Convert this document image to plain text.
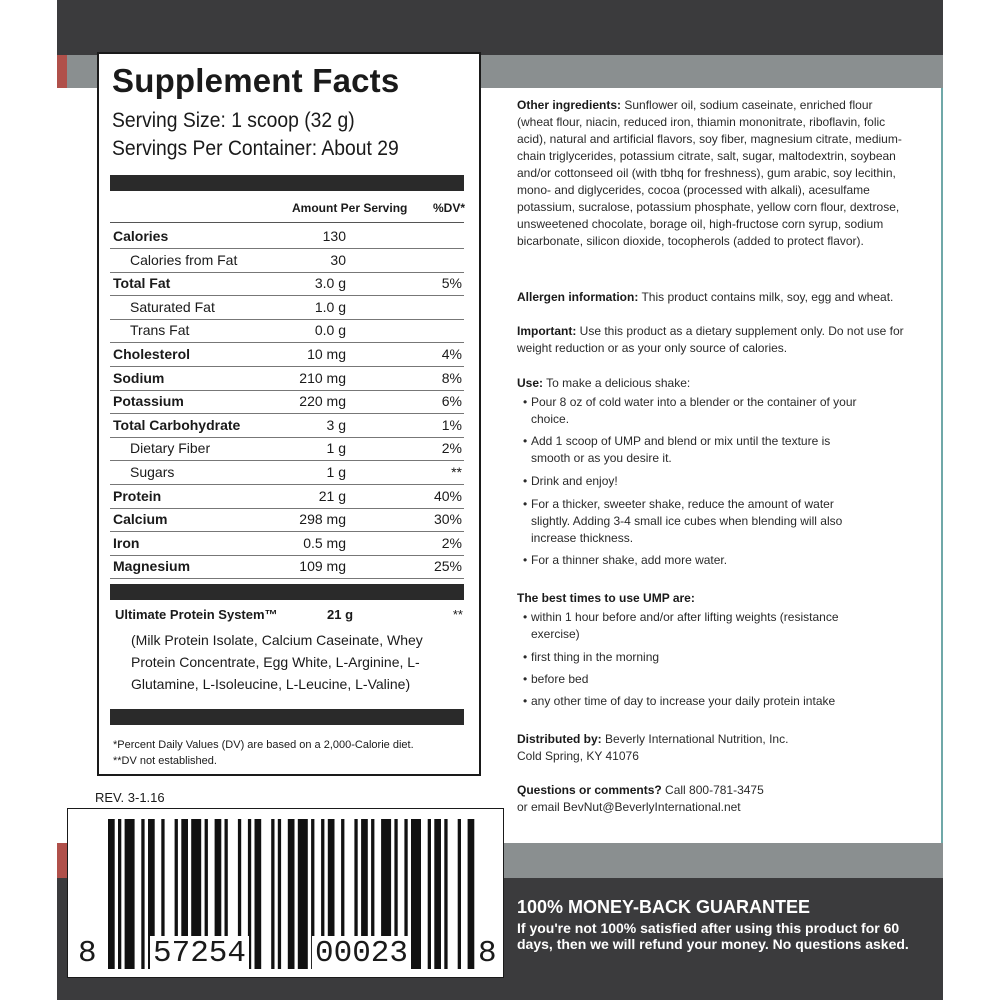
Supplement Facts
Serving Size: 1 scoop (32 g)
Servings Per Container: About 29
Amount Per Serving %DV*
Calories	130
Calories from Fat	30
Total Fat	3.0 g	5%
Saturated Fat	1.0 g
Trans Fat	0.0 g
Cholesterol	10 mg	4%
Sodium	210 mg	8%
Potassium	220 mg	6%
Total Carbohydrate	3 g	1%
Dietary Fiber	1 g	2%
Sugars	1 g	**
Protein	21 g	40%
Calcium	298 mg	30%
Iron	0.5 mg	2%
Magnesium	109 mg	25%
Ultimate Protein System™	21 g	**
(Milk Protein Isolate, Calcium Caseinate, Whey Protein Concentrate, Egg White, L-Arginine, L-Glutamine, L-Isoleucine, L-Leucine, L-Valine)
*Percent Daily Values (DV) are based on a 2,000-Calorie diet.
**DV not established.
REV. 3-1.16
8 57254 00023 8
Other ingredients: Sunflower oil, sodium caseinate, enriched flour (wheat flour, niacin, reduced iron, thiamin mononitrate, riboflavin, folic acid), natural and artificial flavors, soy fiber, magnesium citrate, medium-chain triglycerides, potassium citrate, salt, sugar, maltodextrin, soybean and/or cottonseed oil (with tbhq for freshness), gum arabic, soy lecithin, mono- and diglycerides, cocoa (processed with alkali), acesulfame potassium, sucralose, potassium phosphate, yellow corn flour, dextrose, unsweetened chocolate, borage oil, high-fructose corn syrup, sodium bicarbonate, silicon dioxide, tocopherols (added to protect flavor).
Allergen information: This product contains milk, soy, egg and wheat.
Important: Use this product as a dietary supplement only. Do not use for weight reduction or as your only source of calories.
Use: To make a delicious shake:
• Pour 8 oz of cold water into a blender or the container of your choice.
• Add 1 scoop of UMP and blend or mix until the texture is smooth or as you desire it.
• Drink and enjoy!
• For a thicker, sweeter shake, reduce the amount of water slightly. Adding 3-4 small ice cubes when blending will also increase thickness.
• For a thinner shake, add more water.
The best times to use UMP are:
• within 1 hour before and/or after lifting weights (resistance exercise)
• first thing in the morning
• before bed
• any other time of day to increase your daily protein intake
Distributed by: Beverly International Nutrition, Inc.
Cold Spring, KY 41076
Questions or comments? Call 800-781-3475
or email BevNut@BeverlyInternational.net
100% MONEY-BACK GUARANTEE
If you're not 100% satisfied after using this product for 60 days, then we will refund your money. No questions asked.
